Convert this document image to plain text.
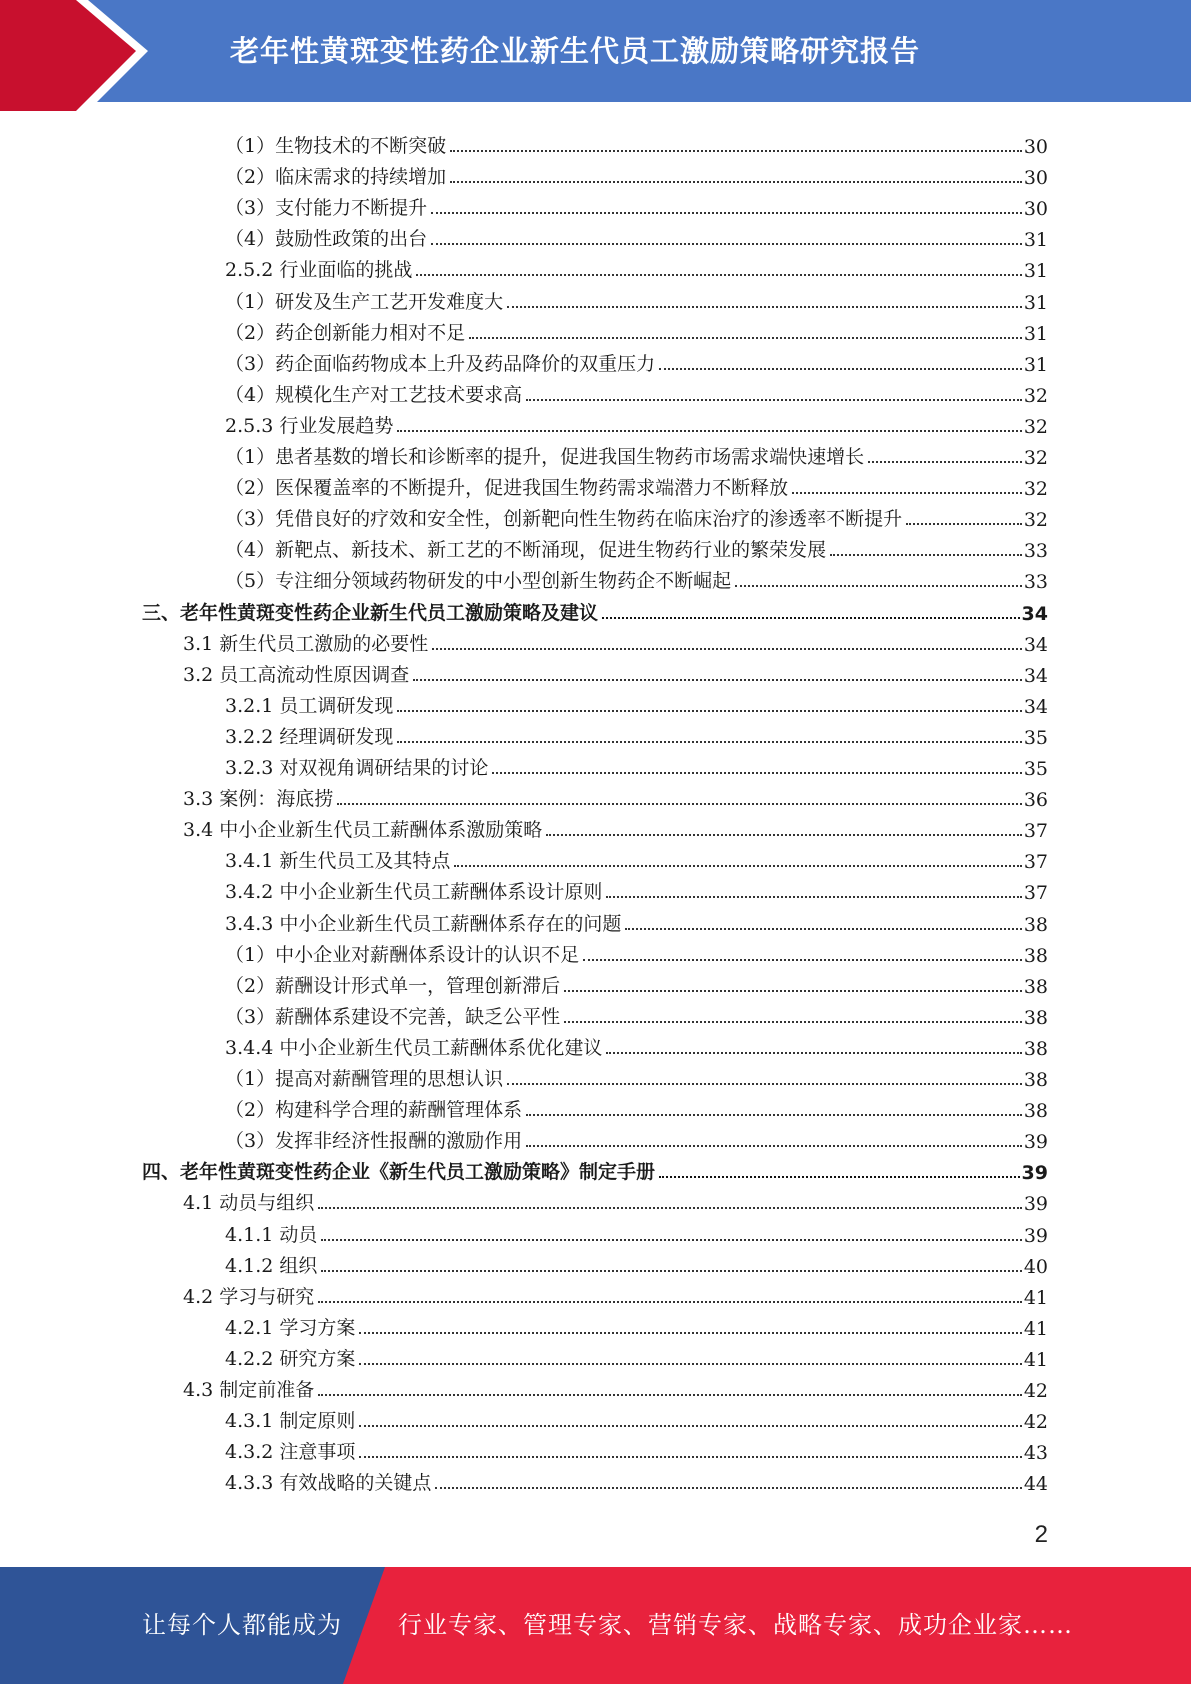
老年性黄斑变性药企业新生代员工激励策略研究报告
（1）生物技术的不断突破	30
（2）临床需求的持续增加	30
（3）支付能力不断提升	30
（4）鼓励性政策的出台	31
2.5.2 行业面临的挑战	31
（1）研发及生产工艺开发难度大	31
（2）药企创新能力相对不足	31
（3）药企面临药物成本上升及药品降价的双重压力	31
（4）规模化生产对工艺技术要求高	32
2.5.3 行业发展趋势	32
（1）患者基数的增长和诊断率的提升，促进我国生物药市场需求端快速增长	32
（2）医保覆盖率的不断提升，促进我国生物药需求端潜力不断释放	32
（3）凭借良好的疗效和安全性，创新靶向性生物药在临床治疗的渗透率不断提升	32
（4）新靶点、新技术、新工艺的不断涌现，促进生物药行业的繁荣发展	33
（5）专注细分领域药物研发的中小型创新生物药企不断崛起	33
三、老年性黄斑变性药企业新生代员工激励策略及建议	34
3.1 新生代员工激励的必要性	34
3.2 员工高流动性原因调查	34
3.2.1 员工调研发现	34
3.2.2 经理调研发现	35
3.2.3 对双视角调研结果的讨论	35
3.3 案例：海底捞	36
3.4 中小企业新生代员工薪酬体系激励策略	37
3.4.1 新生代员工及其特点	37
3.4.2 中小企业新生代员工薪酬体系设计原则	37
3.4.3 中小企业新生代员工薪酬体系存在的问题	38
（1）中小企业对薪酬体系设计的认识不足	38
（2）薪酬设计形式单一，管理创新滞后	38
（3）薪酬体系建设不完善，缺乏公平性	38
3.4.4 中小企业新生代员工薪酬体系优化建议	38
（1）提高对薪酬管理的思想认识	38
（2）构建科学合理的薪酬管理体系	38
（3）发挥非经济性报酬的激励作用	39
四、老年性黄斑变性药企业《新生代员工激励策略》制定手册	39
4.1 动员与组织	39
4.1.1 动员	39
4.1.2 组织	40
4.2 学习与研究	41
4.2.1 学习方案	41
4.2.2 研究方案	41
4.3 制定前准备	42
4.3.1 制定原则	42
4.3.2 注意事项	43
4.3.3 有效战略的关键点	44
2
让每个人都能成为 行业专家、管理专家、营销专家、战略专家、成功企业家……
